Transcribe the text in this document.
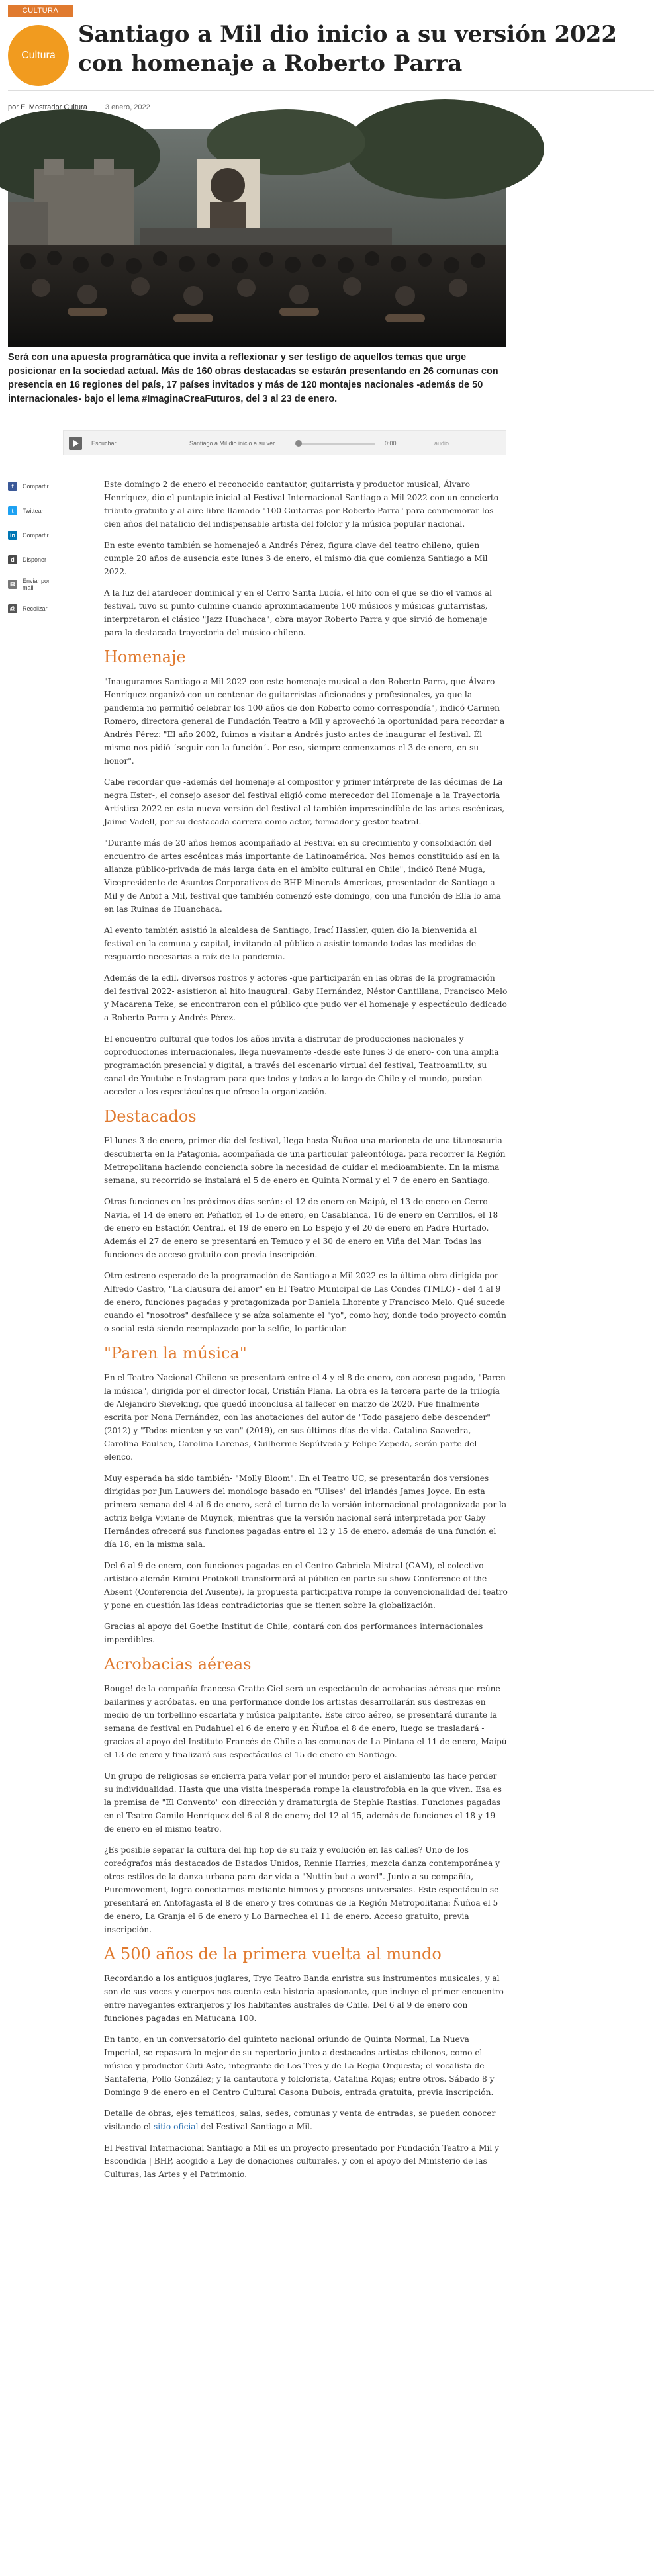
CULTURA
Cultura
Santiago a Mil dio inicio a su versión 2022 con homenaje a Roberto Parra
por El Mostrador Cultura 3 enero, 2022

Será con una apuesta programática que invita a reflexionar y ser testigo de aquellos temas que urge posicionar en la sociedad actual. Más de 160 obras destacadas se estarán presentando en 26 comunas con presencia en 16 regiones del país, 17 países invitados y más de 120 montajes nacionales -además de 50 internacionales- bajo el lema #ImaginaCreaFuturos, del 3 al 23 de enero.

Escuchar	Santiago a Mil dio inicio a su ver	0:00	audio
f	Compartir
t	Twittear
in	Compartir
d	Disponer
✉	Enviar por mail
⎙	Recolizar

Este domingo 2 de enero el reconocido cantautor, guitarrista y productor musical, Álvaro Henríquez, dio el puntapié inicial al Festival Internacional Santiago a Mil 2022 con un concierto tributo gratuito y al aire libre llamado "100 Guitarras por Roberto Parra" para conmemorar los cien años del natalicio del indispensable artista del folclor y la música popular nacional.

En este evento también se homenajeó a Andrés Pérez, figura clave del teatro chileno, quien cumple 20 años de ausencia este lunes 3 de enero, el mismo día que comienza Santiago a Mil 2022.

A la luz del atardecer dominical y en el Cerro Santa Lucía, el hito con el que se dio el vamos al festival, tuvo su punto culmine cuando aproximadamente 100 músicos y músicas guitarristas, interpretaron el clásico "Jazz Huachaca", obra mayor Roberto Parra y que sirvió de homenaje para la destacada trayectoria del músico chileno.

Homenaje

"Inauguramos Santiago a Mil 2022 con este homenaje musical a don Roberto Parra, que Álvaro Henríquez organizó con un centenar de guitarristas aficionados y profesionales, ya que la pandemia no permitió celebrar los 100 años de don Roberto como correspondía", indicó Carmen Romero, directora general de Fundación Teatro a Mil y aprovechó la oportunidad para recordar a Andrés Pérez: "El año 2002, fuimos a visitar a Andrés justo antes de inaugurar el festival. Él mismo nos pidió ´seguir con la función´. Por eso, siempre comenzamos el 3 de enero, en su honor".

Cabe recordar que -además del homenaje al compositor y primer intérprete de las décimas de La negra Ester-, el consejo asesor del festival eligió como merecedor del Homenaje a la Trayectoria Artística 2022 en esta nueva versión del festival al también imprescindible de las artes escénicas, Jaime Vadell, por su destacada carrera como actor, formador y gestor teatral.

"Durante más de 20 años hemos acompañado al Festival en su crecimiento y consolidación del encuentro de artes escénicas más importante de Latinoamérica. Nos hemos constituido así en la alianza público-privada de más larga data en el ámbito cultural en Chile", indicó René Muga, Vicepresidente de Asuntos Corporativos de BHP Minerals Americas, presentador de Santiago a Mil y de Antof a Mil, festival que también comenzó este domingo, con una función de Ella lo ama en las Ruinas de Huanchaca.

Al evento también asistió la alcaldesa de Santiago, Irací Hassler, quien dio la bienvenida al festival en la comuna y capital, invitando al público a asistir tomando todas las medidas de resguardo necesarias a raíz de la pandemia.

Además de la edil, diversos rostros y actores -que participarán en las obras de la programación del festival 2022- asistieron al hito inaugural: Gaby Hernández, Néstor Cantillana, Francisco Melo y Macarena Teke, se encontraron con el público que pudo ver el homenaje y espectáculo dedicado a Roberto Parra y Andrés Pérez.

El encuentro cultural que todos los años invita a disfrutar de producciones nacionales y coproducciones internacionales, llega nuevamente -desde este lunes 3 de enero- con una amplia programación presencial y digital, a través del escenario virtual del festival, Teatroamil.tv, su canal de Youtube e Instagram para que todos y todas a lo largo de Chile y el mundo, puedan acceder a los espectáculos que ofrece la organización.

Destacados

El lunes 3 de enero, primer día del festival, llega hasta Ñuñoa una marioneta de una titanosauria descubierta en la Patagonia, acompañada de una particular paleontóloga, para recorrer la Región Metropolitana haciendo conciencia sobre la necesidad de cuidar el medioambiente. En la misma semana, su recorrido se instalará el 5 de enero en Quinta Normal y el 7 de enero en Santiago.

Otras funciones en los próximos días serán: el 12 de enero en Maipú, el 13 de enero en Cerro Navia, el 14 de enero en Peñaflor, el 15 de enero, en Casablanca, 16 de enero en Cerrillos, el 18 de enero en Estación Central, el 19 de enero en Lo Espejo y el 20 de enero en Padre Hurtado. Además el 27 de enero se presentará en Temuco y el 30 de enero en Viña del Mar. Todas las funciones de acceso gratuito con previa inscripción.

Otro estreno esperado de la programación de Santiago a Mil 2022 es la última obra dirigida por Alfredo Castro, "La clausura del amor" en El Teatro Municipal de Las Condes (TMLC) - del 4 al 9 de enero, funciones pagadas y protagonizada por Daniela Lhorente y Francisco Melo. Qué sucede cuando el "nosotros" desfallece y se aíza solamente el "yo", como hoy, donde todo proyecto común o social está siendo reemplazado por la selfie, lo particular.

"Paren la música"

En el Teatro Nacional Chileno se presentará entre el 4 y el 8 de enero, con acceso pagado, "Paren la música", dirigida por el director local, Cristián Plana. La obra es la tercera parte de la trilogía de Alejandro Sieveking, que quedó inconclusa al fallecer en marzo de 2020. Fue finalmente escrita por Nona Fernández, con las anotaciones del autor de "Todo pasajero debe descender" (2012) y "Todos mienten y se van" (2019), en sus últimos días de vida. Catalina Saavedra, Carolina Paulsen, Carolina Larenas, Guilherme Sepúlveda y Felipe Zepeda, serán parte del elenco.

Muy esperada ha sido también- "Molly Bloom". En el Teatro UC, se presentarán dos versiones dirigidas por Jun Lauwers del monólogo basado en "Ulises" del irlandés James Joyce. En esta primera semana del 4 al 6 de enero, será el turno de la versión internacional protagonizada por la actriz belga Viviane de Muynck, mientras que la versión nacional será interpretada por Gaby Hernández ofrecerá sus funciones pagadas entre el 12 y 15 de enero, además de una función el día 18, en la misma sala.

Del 6 al 9 de enero, con funciones pagadas en el Centro Gabriela Mistral (GAM), el colectivo artístico alemán Rimini Protokoll transformará al público en parte su show Conference of the Absent (Conferencia del Ausente), la propuesta participativa rompe la convencionalidad del teatro y pone en cuestión las ideas contradictorias que se tienen sobre la globalización.

Gracias al apoyo del Goethe Institut de Chile, contará con dos performances internacionales imperdibles.

Acrobacias aéreas

Rouge! de la compañía francesa Gratte Ciel será un espectáculo de acrobacias aéreas que reúne bailarines y acróbatas, en una performance donde los artistas desarrollarán sus destrezas en medio de un torbellino escarlata y música palpitante. Este circo aéreo, se presentará durante la semana de festival en Pudahuel el 6 de enero y en Ñuñoa el 8 de enero, luego se trasladará - gracias al apoyo del Instituto Francés de Chile a las comunas de La Pintana el 11 de enero, Maipú el 13 de enero y finalizará sus espectáculos el 15 de enero en Santiago.

Un grupo de religiosas se encierra para velar por el mundo; pero el aislamiento las hace perder su individualidad. Hasta que una visita inesperada rompe la claustrofobia en la que viven. Esa es la premisa de "El Convento" con dirección y dramaturgia de Stephie Rastías. Funciones pagadas en el Teatro Camilo Henríquez del 6 al 8 de enero; del 12 al 15, además de funciones el 18 y 19 de enero en el mismo teatro.

¿Es posible separar la cultura del hip hop de su raíz y evolución en las calles? Uno de los coreógrafos más destacados de Estados Unidos, Rennie Harries, mezcla danza contemporánea y otros estilos de la danza urbana para dar vida a "Nuttin but a word". Junto a su compañía, Puremovement, logra conectarnos mediante himnos y procesos universales. Este espectáculo se presentará en Antofagasta el 8 de enero y tres comunas de la Región Metropolitana: Ñuñoa el 5 de enero, La Granja el 6 de enero y Lo Barnechea el 11 de enero. Acceso gratuito, previa inscripción.

A 500 años de la primera vuelta al mundo

Recordando a los antiguos juglares, Tryo Teatro Banda enristra sus instrumentos musicales, y al son de sus voces y cuerpos nos cuenta esta historia apasionante, que incluye el primer encuentro entre navegantes extranjeros y los habitantes australes de Chile. Del 6 al 9 de enero con funciones pagadas en Matucana 100.

En tanto, en un conversatorio del quinteto nacional oriundo de Quinta Normal, La Nueva Imperial, se repasará lo mejor de su repertorio junto a destacados artistas chilenos, como el músico y productor Cuti Aste, integrante de Los Tres y de La Regia Orquesta; el vocalista de Santaferia, Pollo González; y la cantautora y folclorista, Catalina Rojas; entre otros. Sábado 8 y Domingo 9 de enero en el Centro Cultural Casona Dubois, entrada gratuita, previa inscripción.

Detalle de obras, ejes temáticos, salas, sedes, comunas y venta de entradas, se pueden conocer visitando el sitio oficial del Festival Santiago a Mil.

El Festival Internacional Santiago a Mil es un proyecto presentado por Fundación Teatro a Mil y Escondida | BHP, acogido a Ley de donaciones culturales, y con el apoyo del Ministerio de las Culturas, las Artes y el Patrimonio.
